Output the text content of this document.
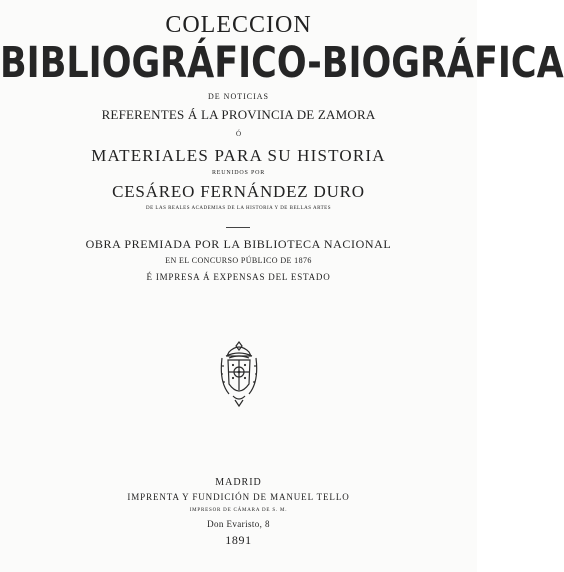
COLECCION
BIBLIOGRÁFICO-BIOGRÁFICA
DE NOTICIAS
REFERENTES Á LA PROVINCIA DE ZAMORA
Ó
MATERIALES PARA SU HISTORIA
REUNIDOS POR
CESÁREO FERNÁNDEZ DURO
DE LAS REALES ACADEMIAS DE LA HISTORIA Y DE BELLAS ARTES
OBRA PREMIADA POR LA BIBLIOTECA NACIONAL
EN EL CONCURSO PÚBLICO DE 1876
É IMPRESA Á EXPENSAS DEL ESTADO
MADRID
IMPRENTA Y FUNDICIÓN DE MANUEL TELLO
IMPRESOR DE CÁMARA DE S. M.
Don Evaristo, 8
1891
